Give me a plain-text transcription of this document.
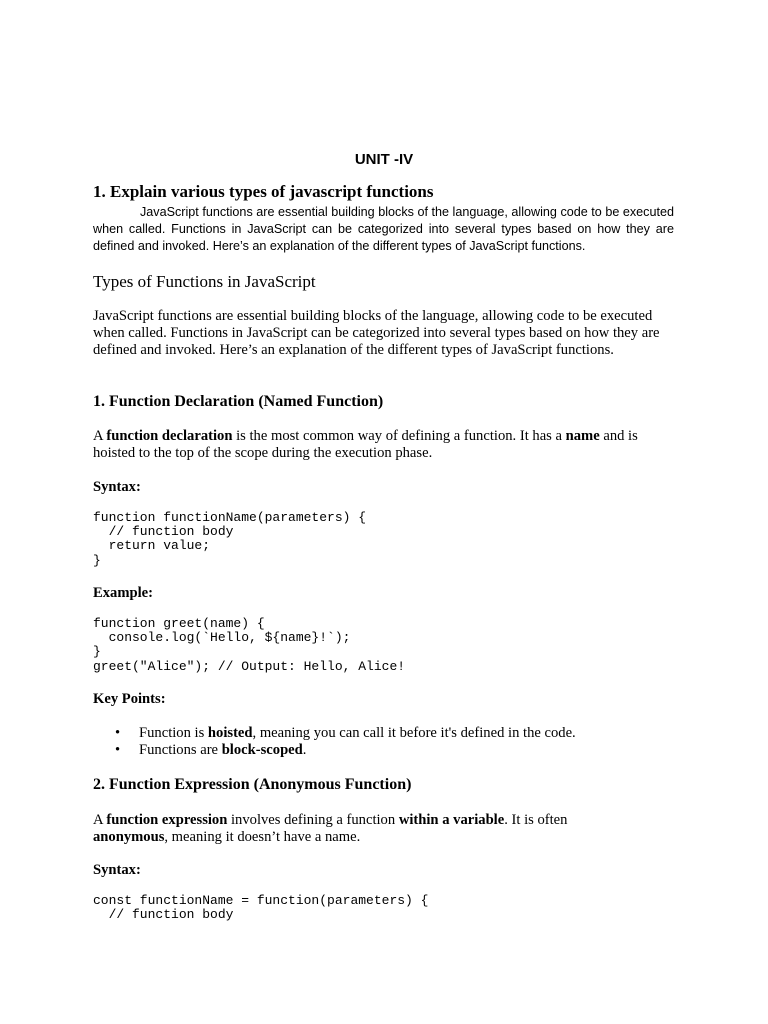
UNIT -IV
1. Explain various types of javascript functions
JavaScript functions are essential building blocks of the language, allowing code to be executed when called. Functions in JavaScript can be categorized into several types based on how they are defined and invoked. Here’s an explanation of the different types of JavaScript functions.
Types of Functions in JavaScript
JavaScript functions are essential building blocks of the language, allowing code to be executed when called. Functions in JavaScript can be categorized into several types based on how they are defined and invoked. Here’s an explanation of the different types of JavaScript functions.
1. Function Declaration (Named Function)
A function declaration is the most common way of defining a function. It has a name and is hoisted to the top of the scope during the execution phase.
Syntax:
function functionName(parameters) {
// function body
return value;
}
Example:
function greet(name) {
console.log(`Hello, ${name}!`);
}
greet("Alice"); // Output: Hello, Alice!
Key Points:
• Function is hoisted, meaning you can call it before it's defined in the code.
• Functions are block-scoped.
2. Function Expression (Anonymous Function)
A function expression involves defining a function within a variable. It is often
anonymous, meaning it doesn’t have a name.
Syntax:
const functionName = function(parameters) {
// function body
